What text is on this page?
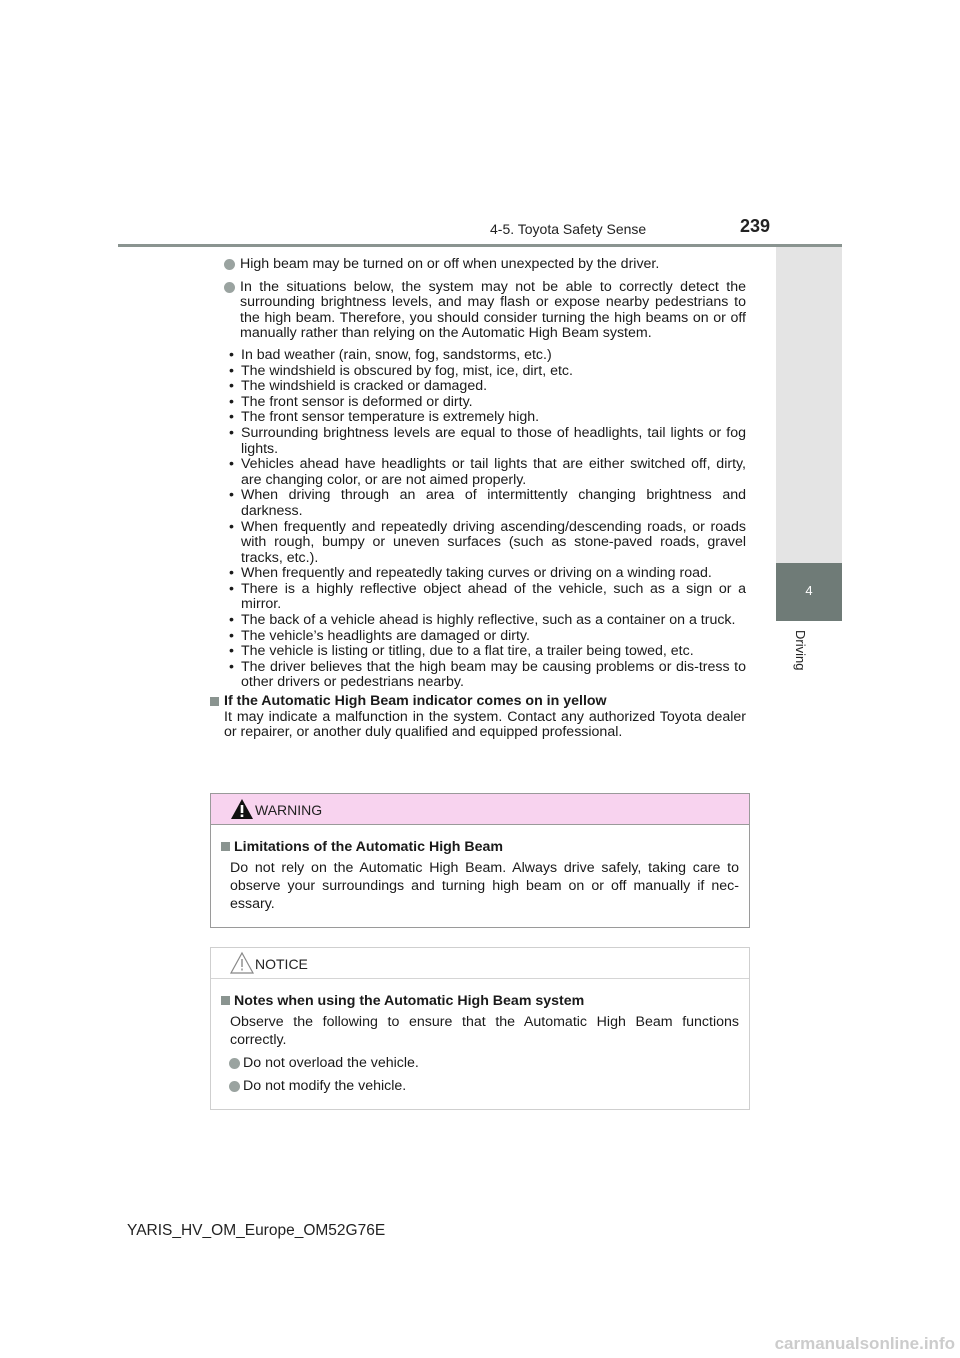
4-5. Toyota Safety Sense	239
4
Driving
High beam may be turned on or off when unexpected by the driver.
In the situations below, the system may not be able to correctly detect the surrounding brightness levels, and may flash or expose nearby pedestrians to the high beam. Therefore, you should consider turning the high beams on or off manually rather than relying on the Automatic High Beam system.
• In bad weather (rain, snow, fog, sandstorms, etc.)
• The windshield is obscured by fog, mist, ice, dirt, etc.
• The windshield is cracked or damaged.
• The front sensor is deformed or dirty.
• The front sensor temperature is extremely high.
• Surrounding brightness levels are equal to those of headlights, tail lights or fog lights.
• Vehicles ahead have headlights or tail lights that are either switched off, dirty, are changing color, or are not aimed properly.
• When driving through an area of intermittently changing brightness and darkness.
• When frequently and repeatedly driving ascending/descending roads, or roads with rough, bumpy or uneven surfaces (such as stone-paved roads, gravel tracks, etc.).
• When frequently and repeatedly taking curves or driving on a winding road.
• There is a highly reflective object ahead of the vehicle, such as a sign or a mirror.
• The back of a vehicle ahead is highly reflective, such as a container on a truck.
• The vehicle’s headlights are damaged or dirty.
• The vehicle is listing or titling, due to a flat tire, a trailer being towed, etc.
• The driver believes that the high beam may be causing problems or dis-tress to other drivers or pedestrians nearby.
If the Automatic High Beam indicator comes on in yellow
It may indicate a malfunction in the system. Contact any authorized Toyota dealer or repairer, or another duly qualified and equipped professional.
WARNING
Limitations of the Automatic High Beam
Do not rely on the Automatic High Beam. Always drive safely, taking care to observe your surroundings and turning high beam on or off manually if nec-essary.
NOTICE
Notes when using the Automatic High Beam system
Observe the following to ensure that the Automatic High Beam functions correctly.
Do not overload the vehicle.
Do not modify the vehicle.
YARIS_HV_OM_Europe_OM52G76E
carmanualsonline.info
